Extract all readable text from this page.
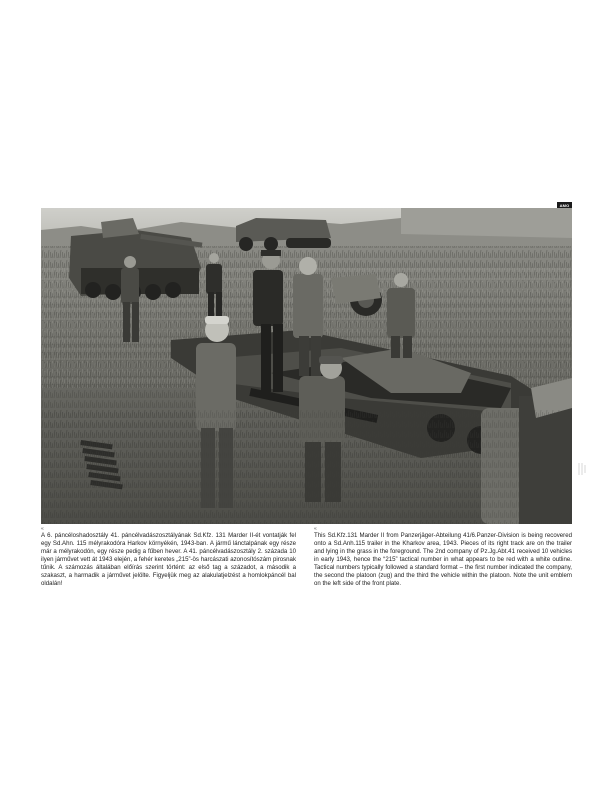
AMO
«
A 6. páncéloshadosztály 41. páncélvadászosztályának Sd.Kfz. 131 Marder II-ét vontatják fel egy Sd.Ahn. 115 mélyrakodóra Harkov környékén, 1943-ban. A jármű lánctalpának egy része már a mélyrakodón, egy része pedig a fűben hever. A 41. páncélvadászosztály 2. százada 10 ilyen járművet vett át 1943 elején, a fehér keretes „215”-ös harcászati azonosítószám pirosnak tűnik. A számozás általában előírás szerint történt: az első tag a századot, a második a szakaszt, a harmadik a járművet jelölte. Figyeljük meg az alakulatjelzést a homlokpáncél bal oldalán!
«
This Sd.Kfz.131 Marder II from Panzerjäger-Abteilung 41/6.Panzer-Division is being recovered onto a Sd.Anh.115 trailer in the Kharkov area, 1943. Pieces of its right track are on the trailer and lying in the grass in the foreground. The 2nd company of Pz.Jg.Abt.41 received 10 vehicles in early 1943, hence the “215” tactical number in what appears to be red with a white outline. Tactical numbers typically followed a standard format – the first number indicated the company, the second the platoon (zug) and the third the vehicle within the platoon. Note the unit emblem on the left side of the front plate.
